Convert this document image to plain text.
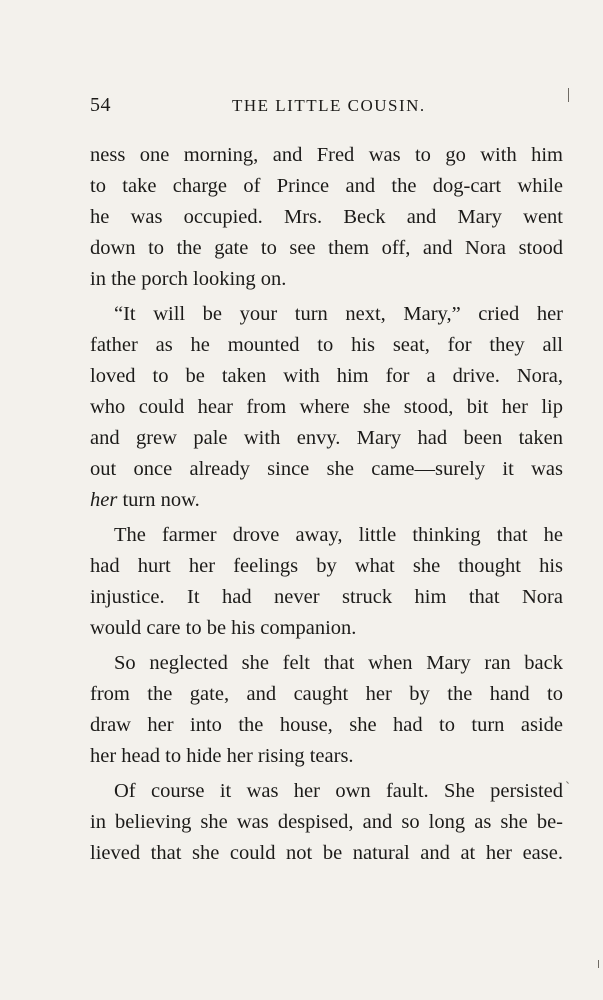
54	THE LITTLE COUSIN.
ness one morning, and Fred was to go with him
to take charge of Prince and the dog-cart while
he was occupied. Mrs. Beck and Mary went
down to the gate to see them off, and Nora stood
in the porch looking on.
“It will be your turn next, Mary,” cried her
father as he mounted to his seat, for they all
loved to be taken with him for a drive. Nora,
who could hear from where she stood, bit her lip
and grew pale with envy. Mary had been taken
out once already since she came—surely it was
her turn now.
The farmer drove away, little thinking that he
had hurt her feelings by what she thought his
injustice. It had never struck him that Nora
would care to be his companion.
So neglected she felt that when Mary ran back
from the gate, and caught her by the hand to
draw her into the house, she had to turn aside
her head to hide her rising tears.
Of course it was her own fault. She persisted
in believing she was despised, and so long as she be-
lieved that she could not be natural and at her ease.
